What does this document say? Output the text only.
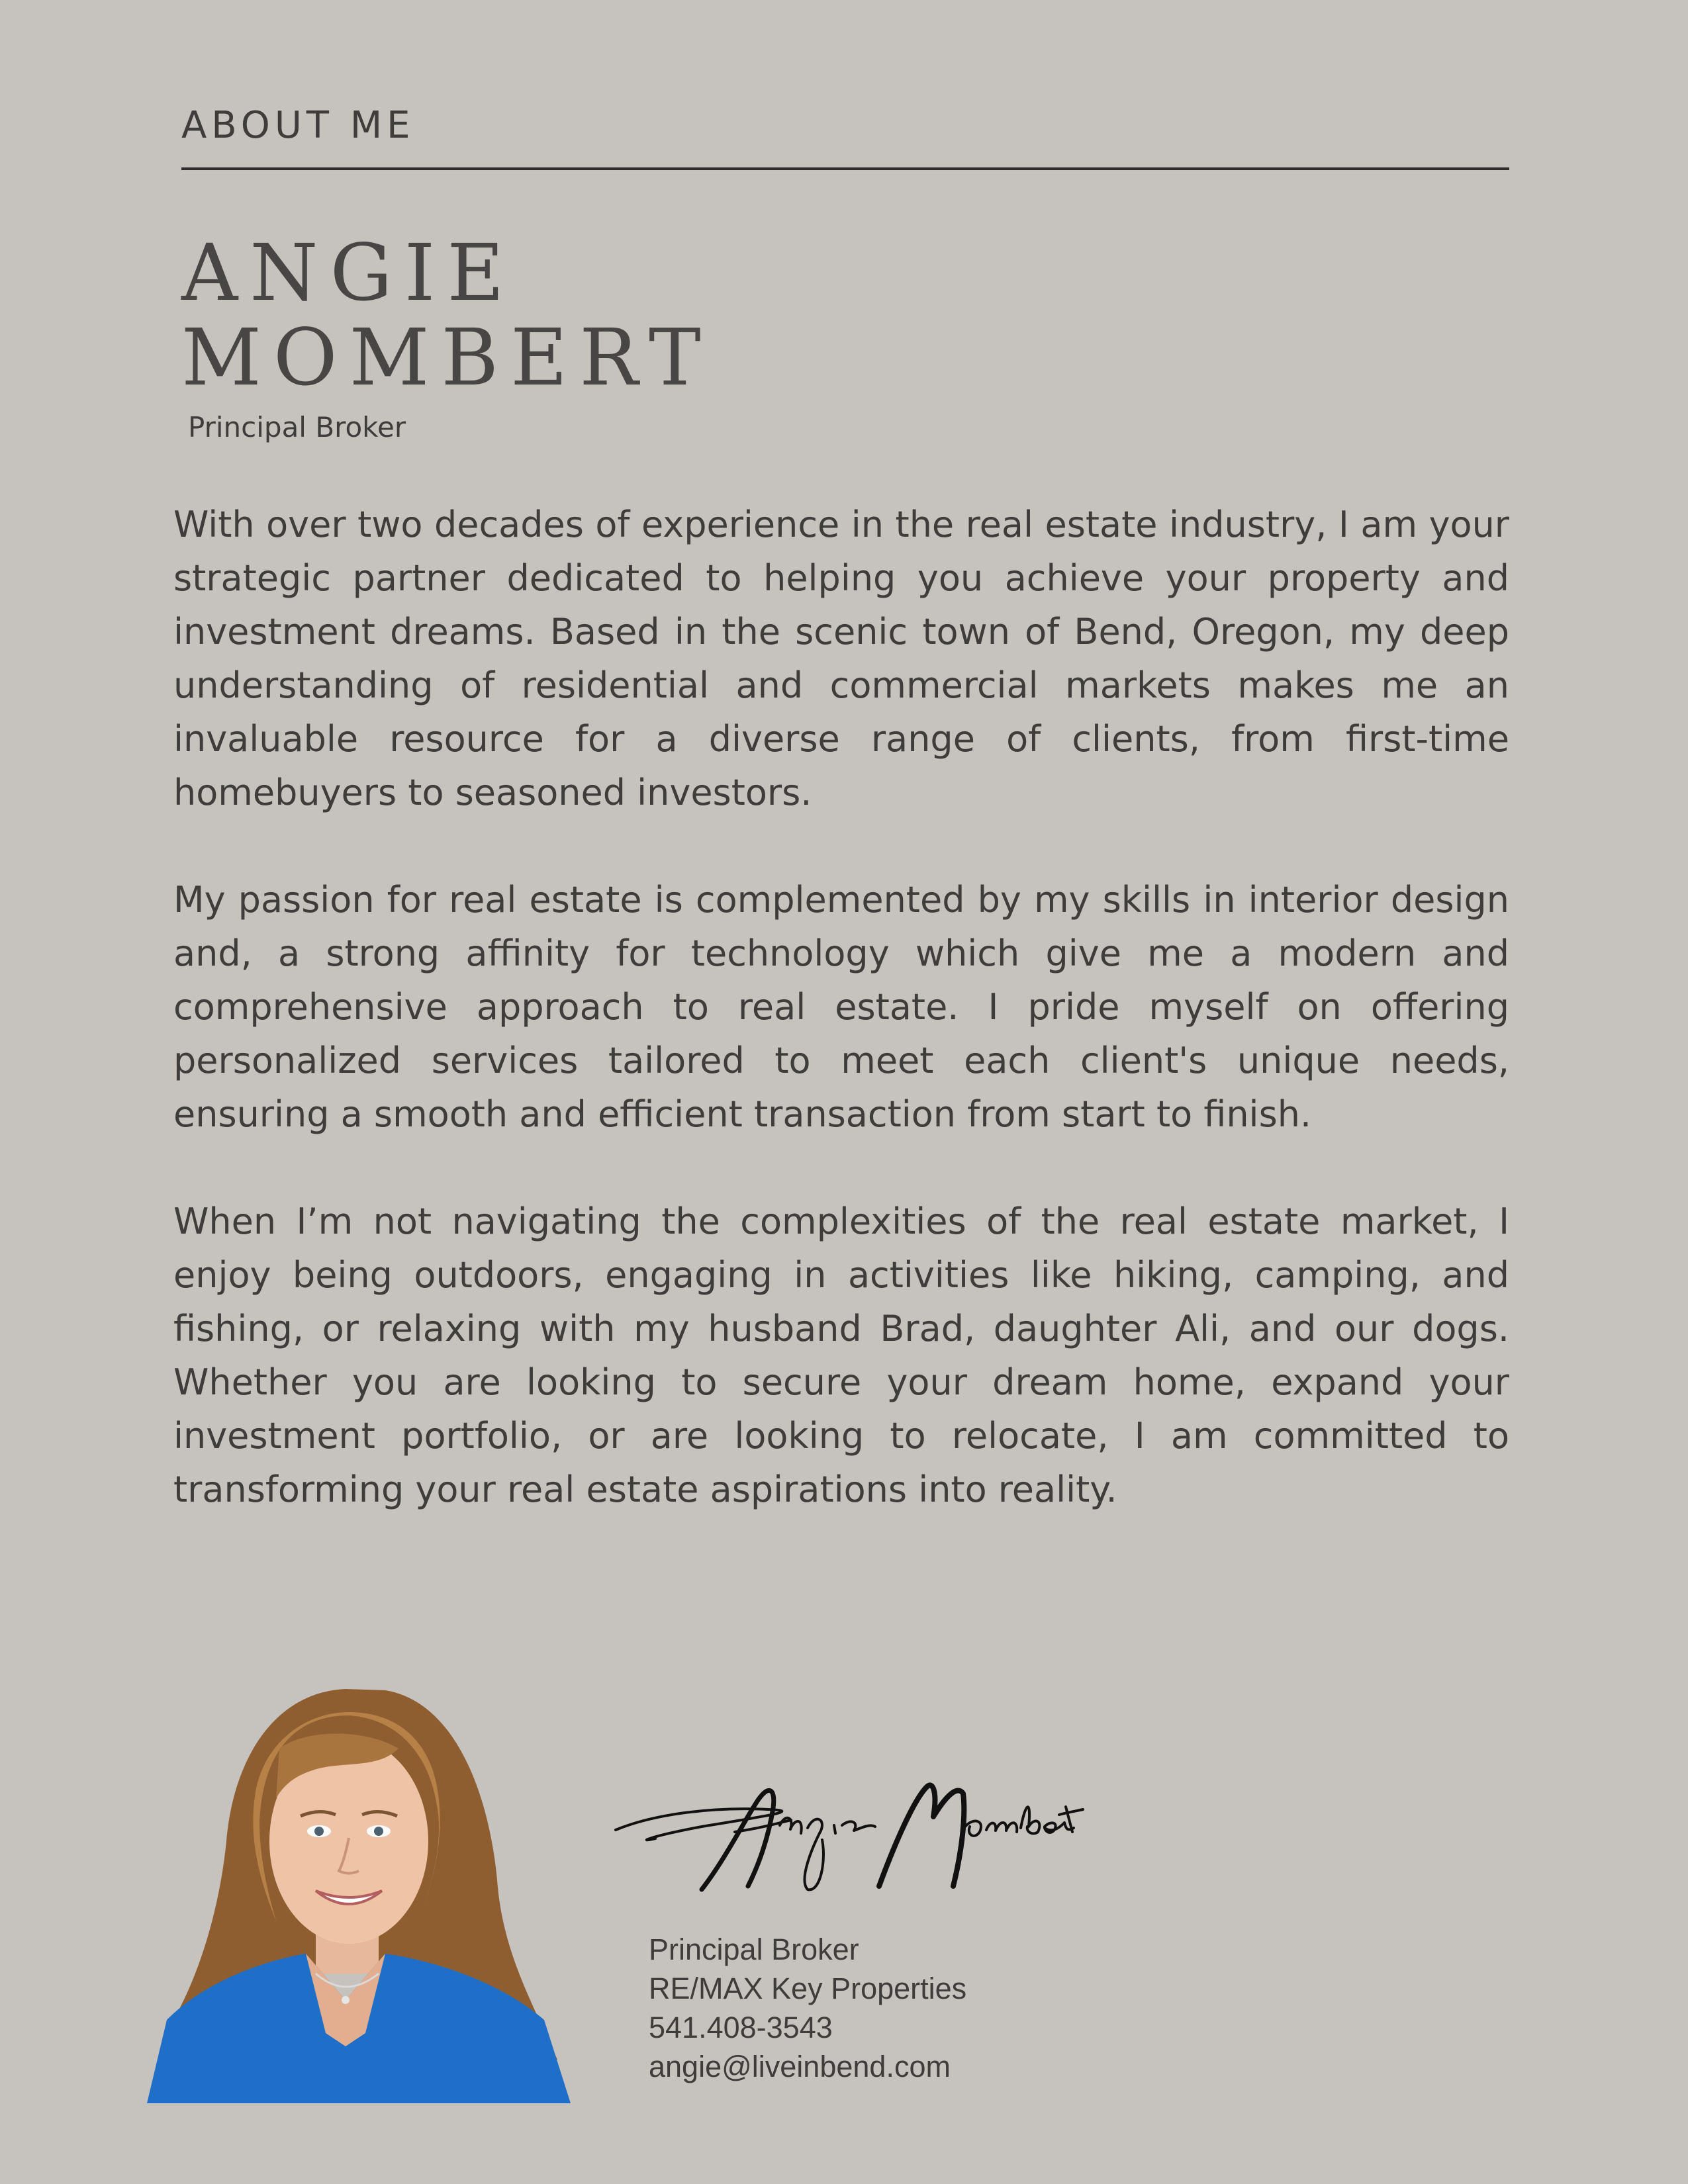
ABOUT ME
ANGIE
MOMBERT
Principal Broker

With over two decades of experience in the real estate industry, I am your strategic partner dedicated to helping you achieve your property and investment dreams. Based in the scenic town of Bend, Oregon, my deep understanding of residential and commercial markets makes me an invaluable resource for a diverse range of clients, from first-time homebuyers to seasoned investors.

My passion for real estate is complemented by my skills in interior design and, a strong affinity for technology which give me a modern and comprehensive approach to real estate. I pride myself on offering personalized services tailored to meet each client's unique needs, ensuring a smooth and efficient transaction from start to finish.

When I’m not navigating the complexities of the real estate market, I enjoy being outdoors, engaging in activities like hiking, camping, and fishing, or relaxing with my husband Brad, daughter Ali, and our dogs. Whether you are looking to secure your dream home, expand your investment portfolio, or are looking to relocate, I am committed to transforming your real estate aspirations into reality.

Principal Broker
RE/MAX Key Properties
541.408-3543
angie@liveinbend.com
